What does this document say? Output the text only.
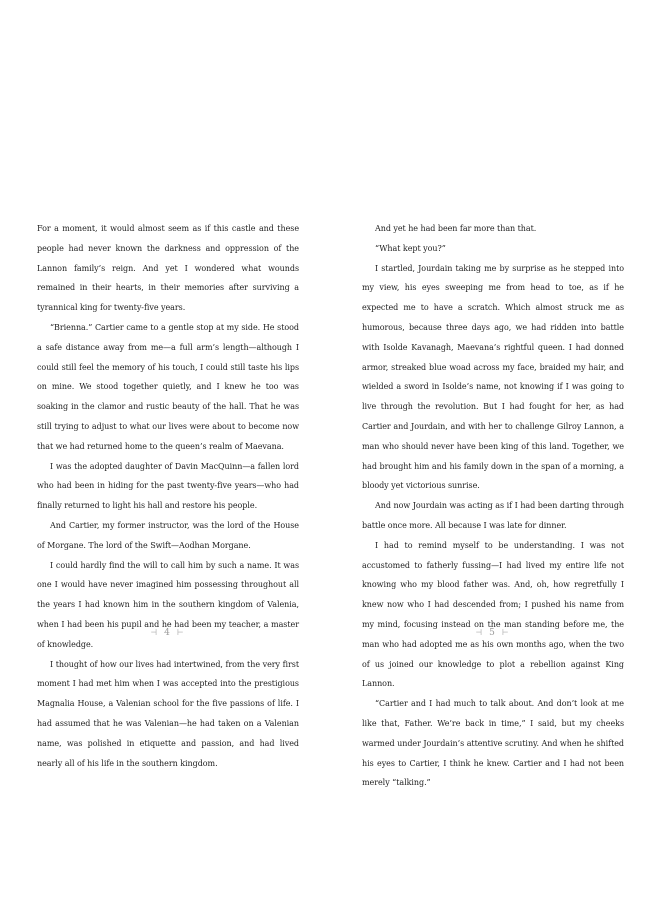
For a moment, it would almost seem as if this castle and these people had never known the darkness and oppression of the Lannon family’s reign. And yet I wondered what wounds remained in their hearts, in their memories after surviving a tyrannical king for twenty-five years.

“Brienna.” Cartier came to a gentle stop at my side. He stood a safe distance away from me—a full arm’s length—although I could still feel the memory of his touch, I could still taste his lips on mine. We stood together quietly, and I knew he too was soaking in the clamor and rustic beauty of the hall. That he was still trying to adjust to what our lives were about to become now that we had returned home to the queen’s realm of Maevana.

I was the adopted daughter of Davin MacQuinn—a fallen lord who had been in hiding for the past twenty-five years—who had finally returned to light his hall and restore his people.

And Cartier, my former instructor, was the lord of the House of Morgane. The lord of the Swift—Aodhan Morgane.

I could hardly find the will to call him by such a name. It was one I would have never imagined him possessing throughout all the years I had known him in the southern kingdom of Valenia, when I had been his pupil and he had been my teacher, a master of knowledge.

I thought of how our lives had intertwined, from the very first moment I had met him when I was accepted into the prestigious Magnalia House, a Valenian school for the five passions of life. I had assumed that he was Valenian—he had taken on a Valenian name, was polished in etiquette and passion, and had lived nearly all of his life in the southern kingdom.

⊣ 4 ⊢

And yet he had been far more than that.

“What kept you?”

I startled, Jourdain taking me by surprise as he stepped into my view, his eyes sweeping me from head to toe, as if he expected me to have a scratch. Which almost struck me as humorous, because three days ago, we had ridden into battle with Isolde Kavanagh, Maevana’s rightful queen. I had donned armor, streaked blue woad across my face, braided my hair, and wielded a sword in Isolde’s name, not knowing if I was going to live through the revolution. But I had fought for her, as had Cartier and Jourdain, and with her to challenge Gilroy Lannon, a man who should never have been king of this land. Together, we had brought him and his family down in the span of a morning, a bloody yet victorious sunrise.

And now Jourdain was acting as if I had been darting through battle once more. All because I was late for dinner.

I had to remind myself to be understanding. I was not accustomed to fatherly fussing—I had lived my entire life not knowing who my blood father was. And, oh, how regretfully I knew now who I had descended from; I pushed his name from my mind, focusing instead on the man standing before me, the man who had adopted me as his own months ago, when the two of us joined our knowledge to plot a rebellion against King Lannon.

“Cartier and I had much to talk about. And don’t look at me like that, Father. We’re back in time,” I said, but my cheeks warmed under Jourdain’s attentive scrutiny. And when he shifted his eyes to Cartier, I think he knew. Cartier and I had not been merely “talking.”

⊣ 5 ⊢
